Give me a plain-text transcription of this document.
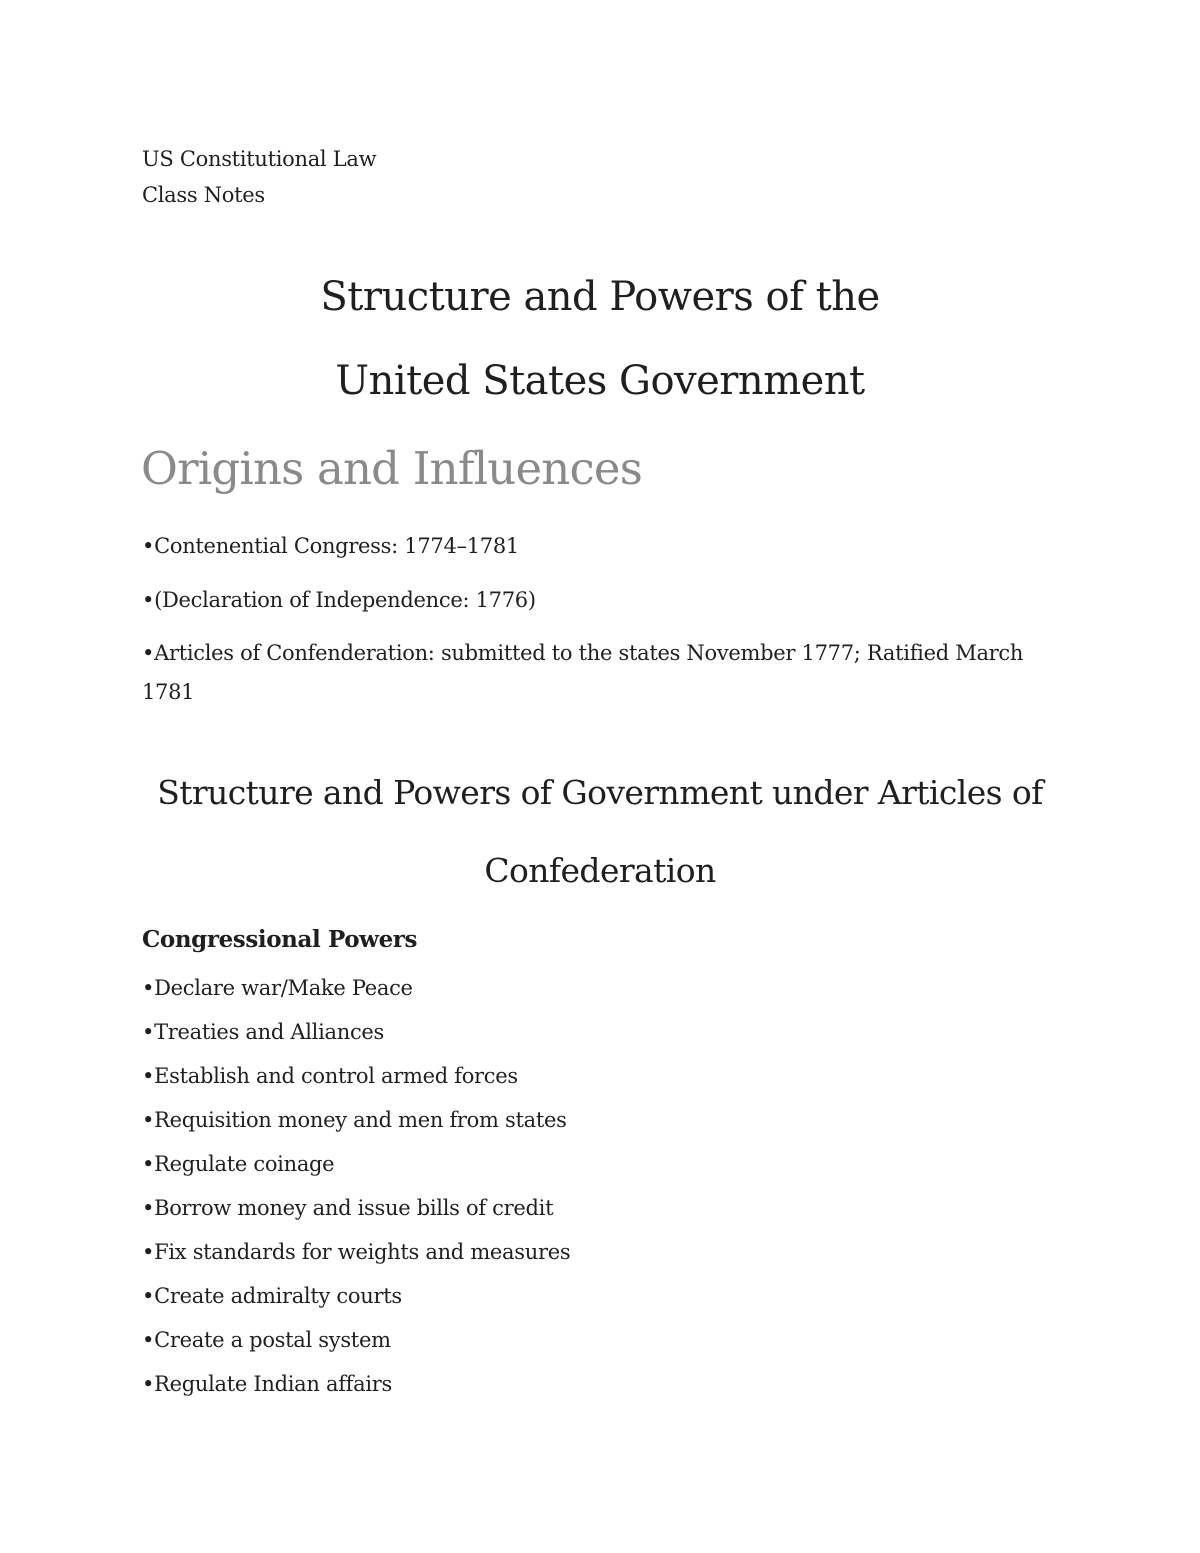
US Constitutional Law
Class Notes
Structure and Powers of the
United States Government
Origins and Influences
•Contenential Congress: 1774–1781
•(Declaration of Independence: 1776)
•Articles of Confenderation: submitted to the states November 1777; Ratified March 1781
Structure and Powers of Government under Articles of
Confederation
Congressional Powers
•Declare war/Make Peace
•Treaties and Alliances
•Establish and control armed forces
•Requisition money and men from states
•Regulate coinage
•Borrow money and issue bills of credit
•Fix standards for weights and measures
•Create admiralty courts
•Create a postal system
•Regulate Indian affairs
